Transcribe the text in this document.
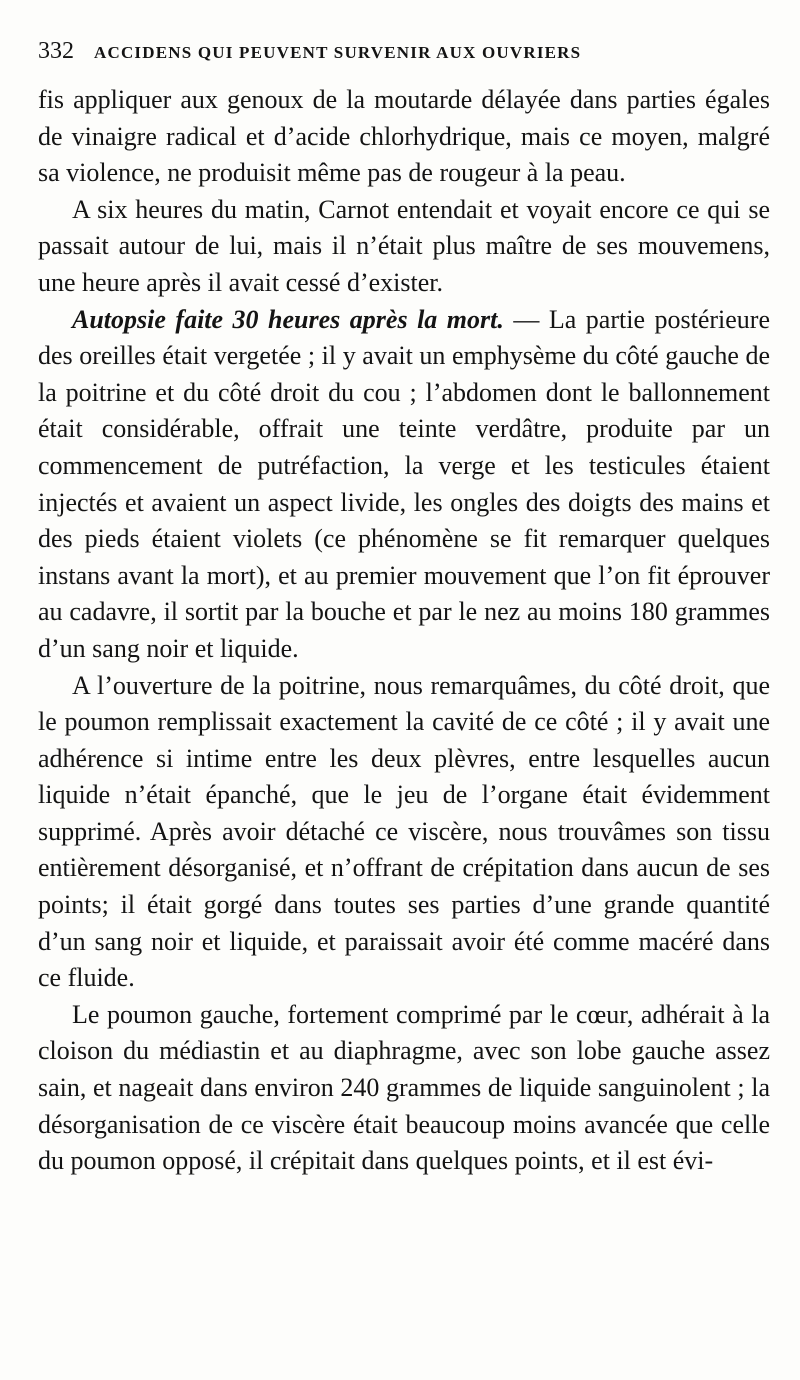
332 ACCIDENS QUI PEUVENT SURVENIR AUX OUVRIERS

fis appliquer aux genoux de la moutarde délayée dans parties égales de vinaigre radical et d’acide chlorhydrique, mais ce moyen, malgré sa violence, ne produisit même pas de rougeur à la peau.

A six heures du matin, Carnot entendait et voyait encore ce qui se passait autour de lui, mais il n’était plus maître de ses mouvemens, une heure après il avait cessé d’exister.

Autopsie faite 30 heures après la mort. — La partie postérieure des oreilles était vergetée ; il y avait un emphysème du côté gauche de la poitrine et du côté droit du cou ; l’abdomen dont le ballonnement était considérable, offrait une teinte verdâtre, produite par un commencement de putréfaction, la verge et les testicules étaient injectés et avaient un aspect livide, les ongles des doigts des mains et des pieds étaient violets (ce phénomène se fit remarquer quelques instans avant la mort), et au premier mouvement que l’on fit éprouver au cadavre, il sortit par la bouche et par le nez au moins 180 grammes d’un sang noir et liquide.

A l’ouverture de la poitrine, nous remarquâmes, du côté droit, que le poumon remplissait exactement la cavité de ce côté ; il y avait une adhérence si intime entre les deux plèvres, entre lesquelles aucun liquide n’était épanché, que le jeu de l’organe était évidemment supprimé. Après avoir détaché ce viscère, nous trouvâmes son tissu entièrement désorganisé, et n’offrant de crépitation dans aucun de ses points; il était gorgé dans toutes ses parties d’une grande quantité d’un sang noir et liquide, et paraissait avoir été comme macéré dans ce fluide.

Le poumon gauche, fortement comprimé par le cœur, adhérait à la cloison du médiastin et au diaphragme, avec son lobe gauche assez sain, et nageait dans environ 240 grammes de liquide sanguinolent ; la désorganisation de ce viscère était beaucoup moins avancée que celle du poumon opposé, il crépitait dans quelques points, et il est évi-
